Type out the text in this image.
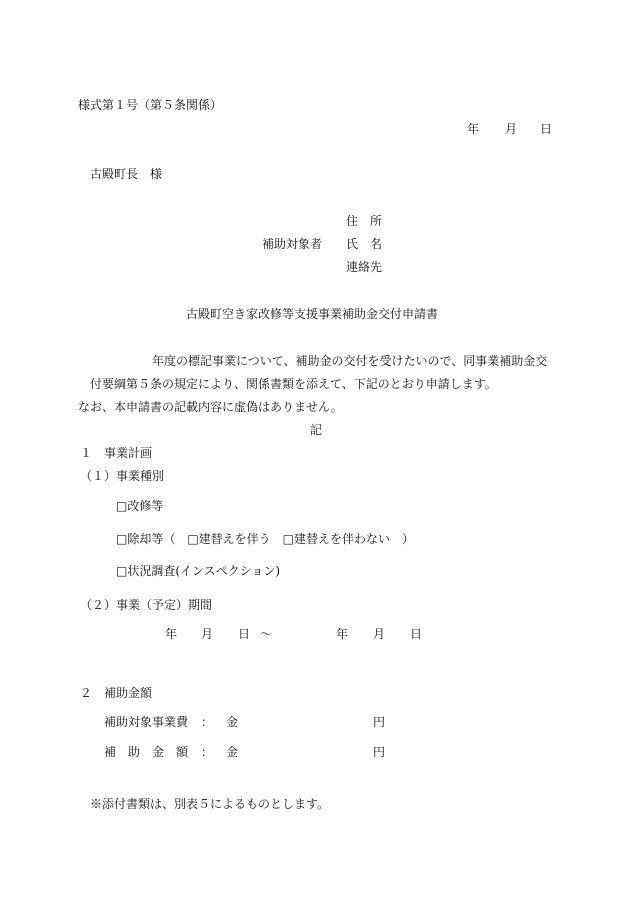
様式第１号（第５条関係）
年 月 日
古殿町長　様
住　所
補助対象者 氏　名
連絡先
古殿町空き家改修等支援事業補助金交付申請書
年度の標記事業について、補助金の交付を受けたいので、同事業補助金交
付要綱第５条の規定により、関係書類を添えて、下記のとおり申請します。
なお、本申請書の記載内容に虚偽はありません。
記
１ 事業計画
（１）事業種別
□改修等
□除却等（　□建替えを伴う　□建替えを伴わない　）
□状況調査(インスペクション)
（２）事業（予定）期間
年 月 日 ～	年 月 日
２ 補助金額
補助対象事業費 ： 金	円
補助金額 ： 金	円
※添付書類は、別表５によるものとします。
